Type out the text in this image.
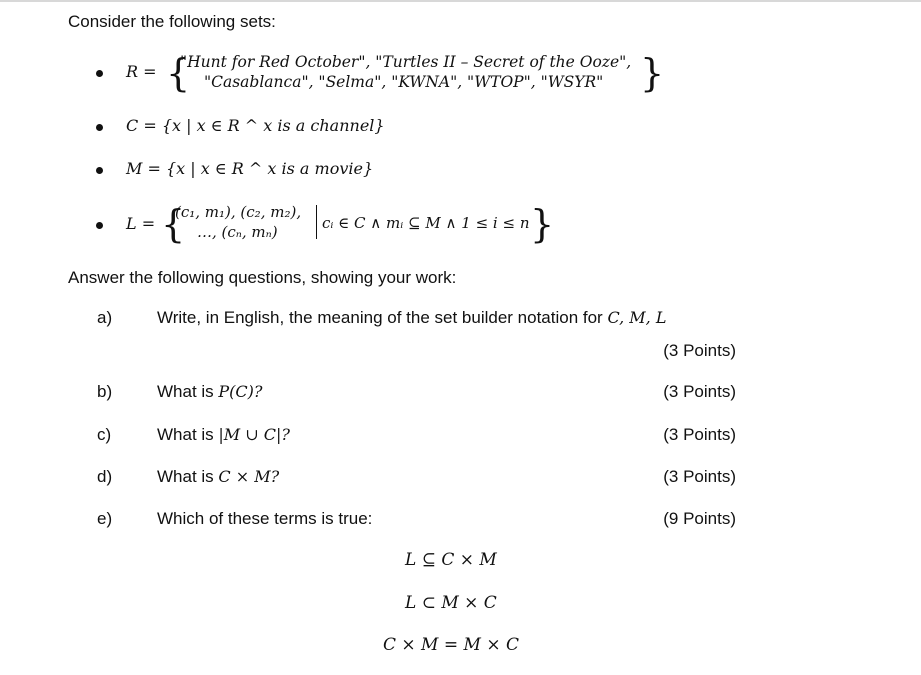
Consider the following sets:
R = {
"Hunt for Red October", "Turtles II – Secret of the Ooze",
"Casablanca", "Selma", "KWNA", "WTOP", "WSYR" }
C = {x | x ∈ R ^ x is a channel}
M = {x | x ∈ R ^ x is a movie}
L = {
(c₁, m₁), (c₂, m₂),
…, (cₙ, mₙ)	cᵢ ∈ C ∧ mᵢ ⊆ M ∧ 1 ≤ i ≤ n }
Answer the following questions, showing your work:
a)	Write, in English, the meaning of the set builder notation for C, M, L
(3 Points)
b)	What is P(C)?	(3 Points)
c)	What is |M ∪ C|?	(3 Points)
d)	What is C × M?	(3 Points)
e)	Which of these terms is true:	(9 Points)
L ⊆ C × M
L ⊂ M × C
C × M = M × C
